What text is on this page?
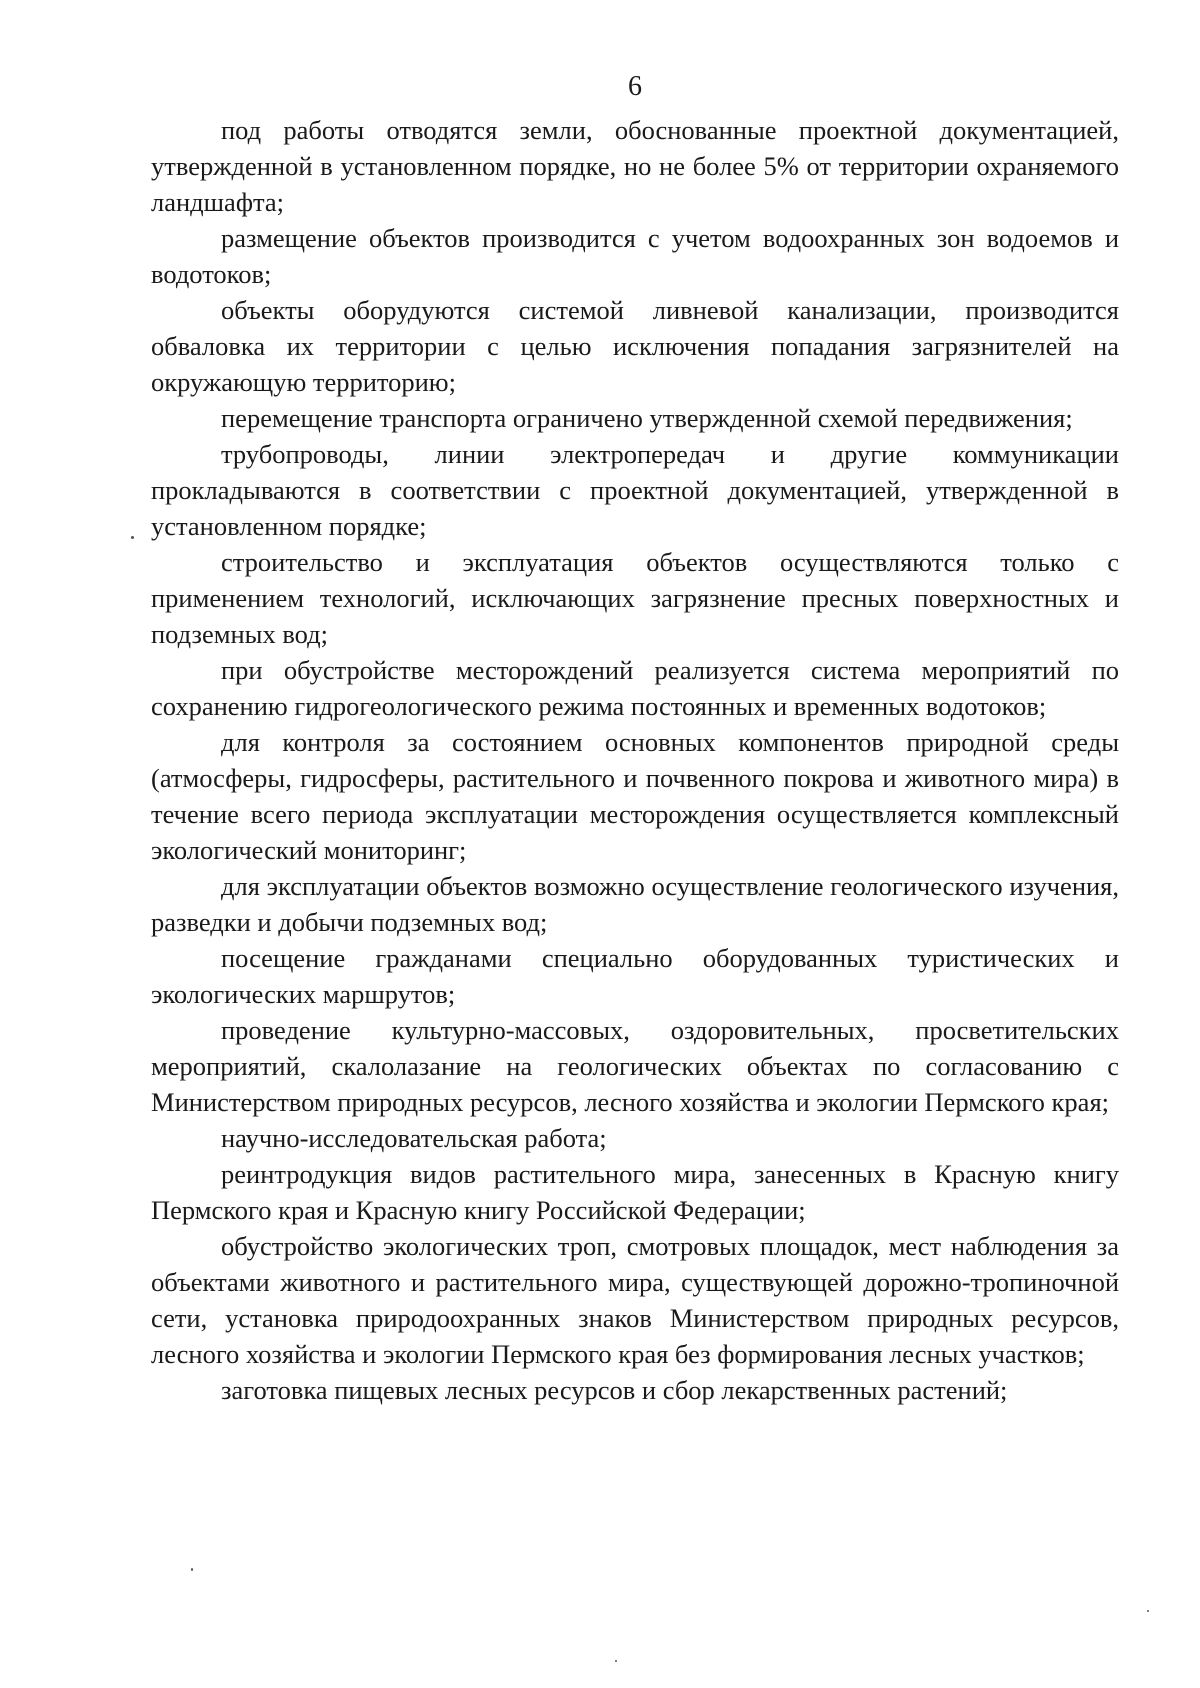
6

под работы отводятся земли, обоснованные проектной документацией, утвержденной в установленном порядке, но не более 5% от территории охраняемого ландшафта;

размещение объектов производится с учетом водоохранных зон водоемов и водотоков;

объекты оборудуются системой ливневой канализации, производится обваловка их территории с целью исключения попадания загрязнителей на окружающую территорию;

перемещение транспорта ограничено утвержденной схемой передвижения;

трубопроводы, линии электропередач и другие коммуникации прокладываются в соответствии с проектной документацией, утвержденной в установленном порядке;

строительство и эксплуатация объектов осуществляются только с применением технологий, исключающих загрязнение пресных поверхностных и подземных вод;

при обустройстве месторождений реализуется система мероприятий по сохранению гидрогеологического режима постоянных и временных водотоков;

для контроля за состоянием основных компонентов природной среды (атмосферы, гидросферы, растительного и почвенного покрова и животного мира) в течение всего периода эксплуатации месторождения осуществляется комплексный экологический мониторинг;

для эксплуатации объектов возможно осуществление геологического изучения, разведки и добычи подземных вод;

посещение гражданами специально оборудованных туристических и экологических маршрутов;

проведение культурно-массовых, оздоровительных, просветительских мероприятий, скалолазание на геологических объектах по согласованию с Министерством природных ресурсов, лесного хозяйства и экологии Пермского края;

научно-исследовательская работа;

реинтродукция видов растительного мира, занесенных в Красную книгу Пермского края и Красную книгу Российской Федерации;

обустройство экологических троп, смотровых площадок, мест наблюдения за объектами животного и растительного мира, существующей дорожно-тропиночной сети, установка природоохранных знаков Министерством природных ресурсов, лесного хозяйства и экологии Пермского края без формирования лесных участков;

заготовка пищевых лесных ресурсов и сбор лекарственных растений;
